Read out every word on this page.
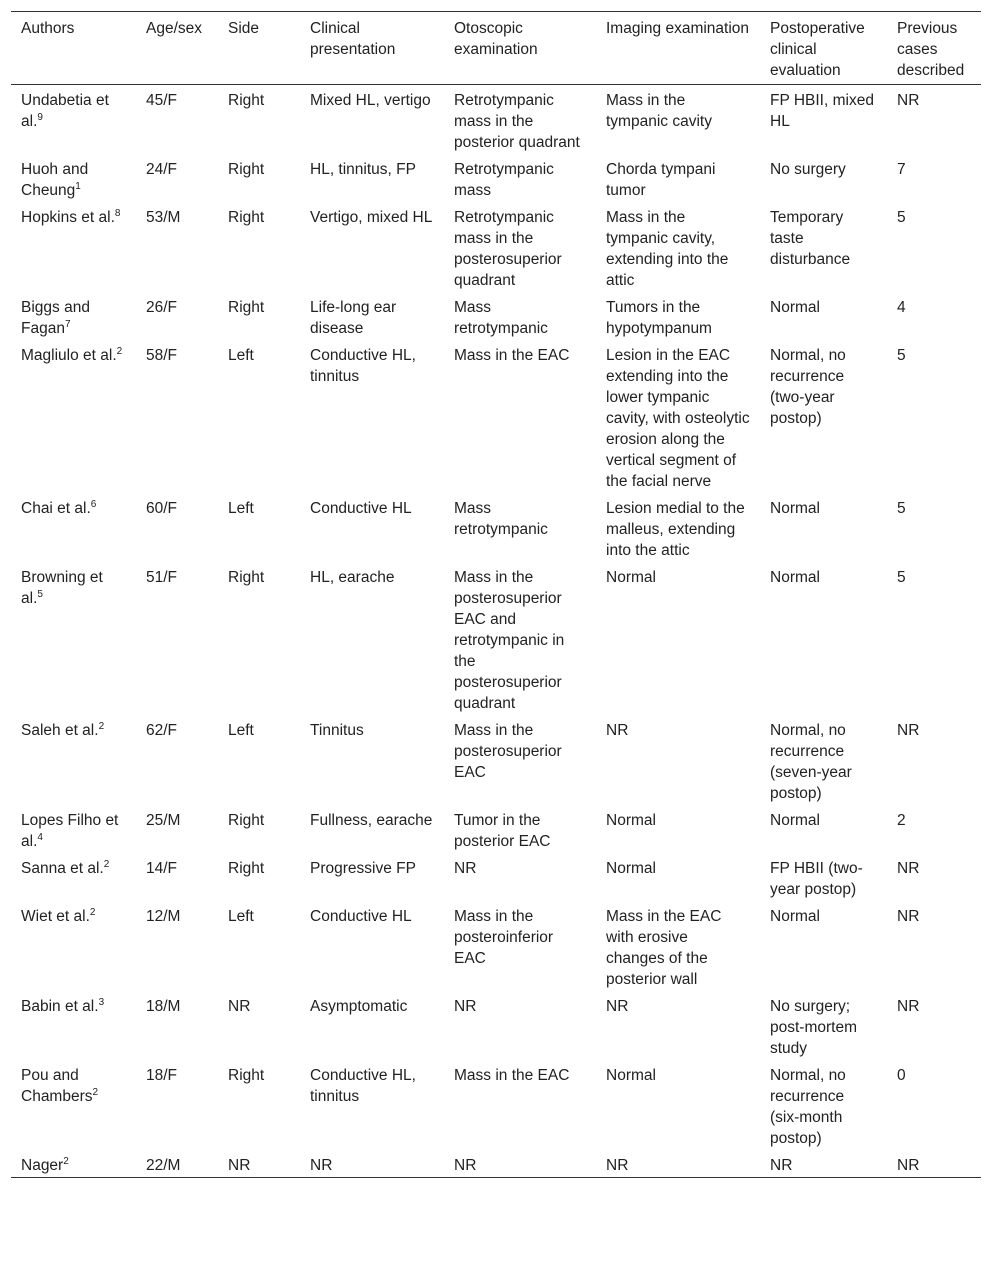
Authors	Age/sex	Side	Clinical presentation	Otoscopic examination	Imaging examination	Postoperative clinical evaluation	Previous cases described
Undabetia et al.$^9$	45/F	Right	Mixed HL, vertigo	Retrotympanic mass in the posterior quadrant	Mass in the tympanic cavity	FP HBII, mixed HL	NR
Huoh and Cheung$^1$	24/F	Right	HL, tinnitus, FP	Retrotympanic mass	Chorda tympani tumor	No surgery	7
Hopkins et al.$^8$	53/M	Right	Vertigo, mixed HL	Retrotympanic mass in the posterosuperior quadrant	Mass in the tympanic cavity, extending into the attic	Temporary taste disturbance	5
Biggs and Fagan$^7$	26/F	Right	Life-long ear disease	Mass retrotympanic	Tumors in the hypotympanum	Normal	4
Magliulo et al.$^2$	58/F	Left	Conductive HL, tinnitus	Mass in the EAC	Lesion in the EAC extending into the lower tympanic cavity, with osteolytic erosion along the vertical segment of the facial nerve	Normal, no recurrence (two-year postop)	5
Chai et al.$^6$	60/F	Left	Conductive HL	Mass retrotympanic	Lesion medial to the malleus, extending into the attic	Normal	5
Browning et al.$^5$	51/F	Right	HL, earache	Mass in the posterosuperior EAC and retrotympanic in the posterosuperior quadrant	Normal	Normal	5
Saleh et al.$^2$	62/F	Left	Tinnitus	Mass in the posterosuperior EAC	NR	Normal, no recurrence (seven-year postop)	NR
Lopes Filho et al.$^4$	25/M	Right	Fullness, earache	Tumor in the posterior EAC	Normal	Normal	2
Sanna et al.$^2$	14/F	Right	Progressive FP	NR	Normal	FP HBII (two-year postop)	NR
Wiet et al.$^2$	12/M	Left	Conductive HL	Mass in the posteroinferior EAC	Mass in the EAC with erosive changes of the posterior wall	Normal	NR
Babin et al.$^3$	18/M	NR	Asymptomatic	NR	NR	No surgery; post-mortem study	NR
Pou and Chambers$^2$	18/F	Right	Conductive HL, tinnitus	Mass in the EAC	Normal	Normal, no recurrence (six-month postop)	0
Nager$^2$	22/M	NR	NR	NR	NR	NR	NR
